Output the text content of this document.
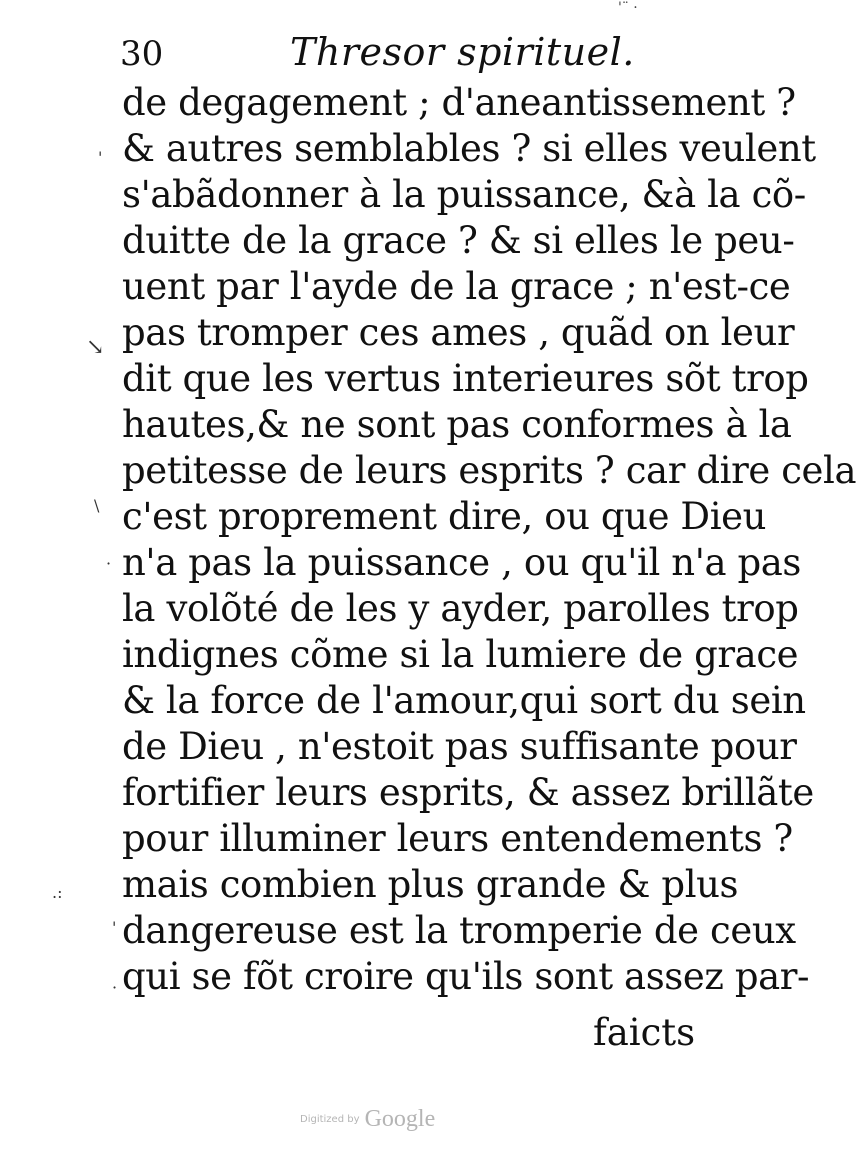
'¨ ·
30	Thresor spirituel.
'
↘
\
·
.:
'
·
de degagement ; d'aneantissement ?
& autres semblables ? si elles veulent
s'abãdonner à la puissance, &à la cõ-
duitte de la grace ? & si elles le peu-
uent par l'ayde de la grace ; n'est-ce
pas tromper ces ames , quãd on leur
dit que les vertus interieures sõt trop
hautes,& ne sont pas conformes à la
petitesse de leurs esprits ? car dire cela
c'est proprement dire, ou que Dieu
n'a pas la puissance , ou qu'il n'a pas
la volõté de les y ayder, parolles trop
indignes cõme si la lumiere de grace
& la force de l'amour,qui sort du sein
de Dieu , n'estoit pas suffisante pour
fortifier leurs esprits, & assez brillãte
pour illuminer leurs entendements ?
mais combien plus grande & plus
dangereuse est la tromperie de ceux
qui se fõt croire qu'ils sont assez par-
faicts
Digitized by Google
